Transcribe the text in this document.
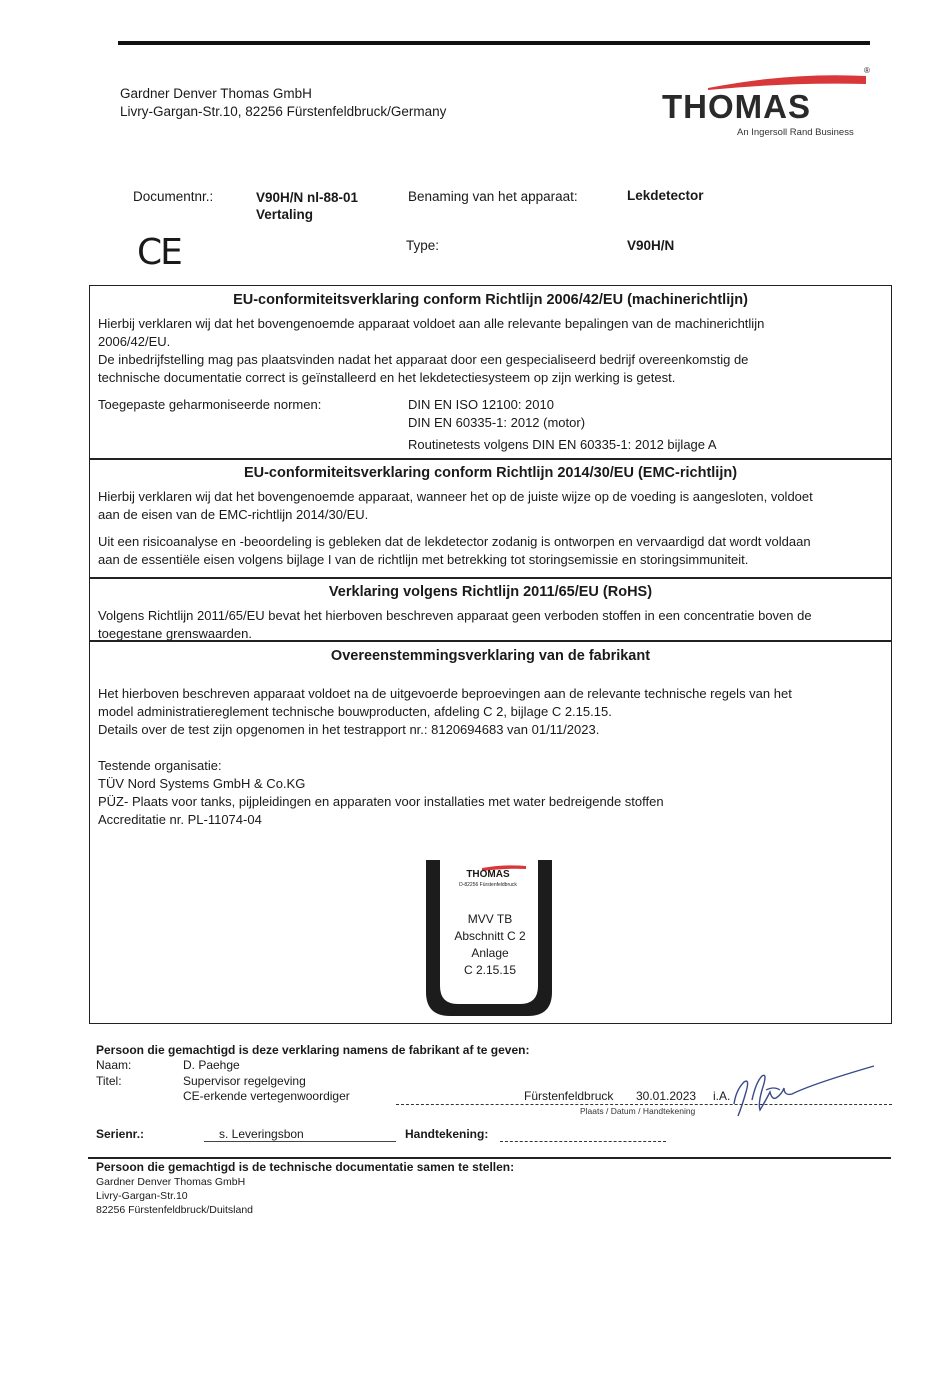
Gardner Denver Thomas GmbH
Livry-Gargan-Str.10, 82256 Fürstenfeldbruck/Germany
®
THOMAS
An Ingersoll Rand Business
Documentnr.:	V90H/N nl-88-01
Vertaling
Benaming van het apparaat:	Lekdetector
CE	Type:	V90H/N
EU-conformiteitsverklaring conform Richtlijn 2006/42/EU (machinerichtlijn)
Hierbij verklaren wij dat het bovengenoemde apparaat voldoet aan alle relevante bepalingen van de machinerichtlijn
2006/42/EU.
De inbedrijfstelling mag pas plaatsvinden nadat het apparaat door een gespecialiseerd bedrijf overeenkomstig de
technische documentatie correct is geïnstalleerd en het lekdetectiesysteem op zijn werking is getest.
Toegepaste geharmoniseerde normen:	DIN EN ISO 12100: 2010
DIN EN 60335-1: 2012 (motor)
Routinetests volgens DIN EN 60335-1: 2012 bijlage A
EU-conformiteitsverklaring conform Richtlijn 2014/30/EU (EMC-richtlijn)
Hierbij verklaren wij dat het bovengenoemde apparaat, wanneer het op de juiste wijze op de voeding is aangesloten, voldoet
aan de eisen van de EMC-richtlijn 2014/30/EU.
Uit een risicoanalyse en -beoordeling is gebleken dat de lekdetector zodanig is ontworpen en vervaardigd dat wordt voldaan
aan de essentiële eisen volgens bijlage I van de richtlijn met betrekking tot storingsemissie en storingsimmuniteit.
Verklaring volgens Richtlijn 2011/65/EU (RoHS)
Volgens Richtlijn 2011/65/EU bevat het hierboven beschreven apparaat geen verboden stoffen in een concentratie boven de
toegestane grenswaarden.
Overeenstemmingsverklaring van de fabrikant
Het hierboven beschreven apparaat voldoet na de uitgevoerde beproevingen aan de relevante technische regels van het
model administratiereglement technische bouwproducten, afdeling C 2, bijlage C 2.15.15.
Details over de test zijn opgenomen in het testrapport nr.: 8120694683 van 01/11/2023.
Testende organisatie:
TÜV Nord Systems GmbH & Co.KG
PÜZ- Plaats voor tanks, pijpleidingen en apparaten voor installaties met water bedreigende stoffen
Accreditatie nr. PL-11074-04
THOMAS
D-82256 Fürstenfeldbruck
MVV TB
Abschnitt C 2
Anlage
C 2.15.15
Persoon die gemachtigd is deze verklaring namens de fabrikant af te geven:
Naam:	D. Paehge
Titel:	Supervisor regelgeving
CE-erkende vertegenwoordiger	Fürstenfeldbruck 30.01.2023 i.A.
Plaats / Datum / Handtekening
Serienr.:	s. Leveringsbon	Handtekening:
Persoon die gemachtigd is de technische documentatie samen te stellen:
Gardner Denver Thomas GmbH
Livry-Gargan-Str.10
82256 Fürstenfeldbruck/Duitsland
